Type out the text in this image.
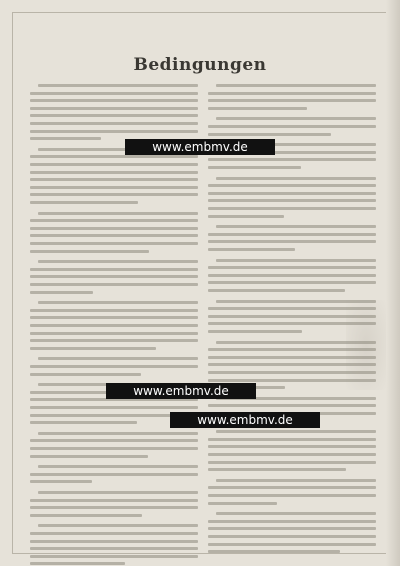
Bedingungen
www.embmv.de
www.embmv.de
www.embmv.de
